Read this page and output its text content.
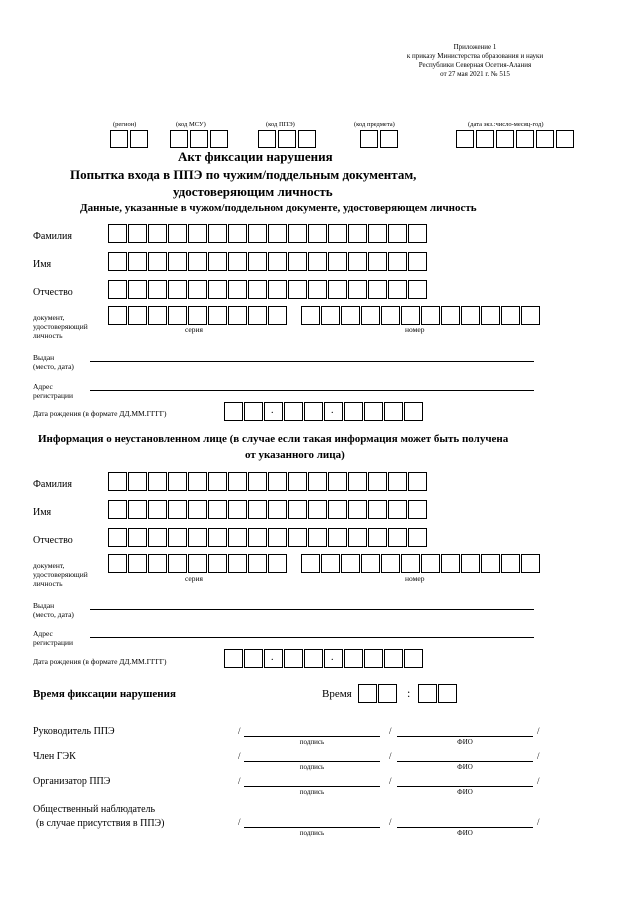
Приложение 1
к приказу Министерства образования и науки
Республики Северная Осетия-Алания
от 27 мая 2021 г. № 515
(регион)	(код МСУ)	(код ППЭ)	(код предмета)	(дата экз.:число-месяц-год)
Акт фиксации нарушения
Попытка входа в ППЭ по чужим/поддельным документам,
удостоверяющим личность
Данные, указанные в чужом/поддельном документе, удостоверяющем личность
Фамилия
Имя
Отчество
документ,
удостоверяющий
личность
серия	номер
Выдан
(место, дата)
Адрес
регистрации
Дата рождения (в формате ДД.ММ.ГГГГ)	.	.
Информация о неустановленном лице (в случае если такая информация может быть получена
от указанного лица)
Фамилия
Имя
Отчество
документ,
удостоверяющий
личность
серия	номер
Выдан
(место, дата)
Адрес
регистрации
Дата рождения (в формате ДД.ММ.ГГГГ)	.	.
Время фиксации нарушения	Время	:
Руководитель ППЭ	/	/	/
подпись	ФИО
Член ГЭК	/	/	/
подпись	ФИО
Организатор ППЭ	/	/	/
подпись	ФИО
Общественный наблюдатель
(в случае присутствия в ППЭ)	/	/	/
подпись	ФИО
